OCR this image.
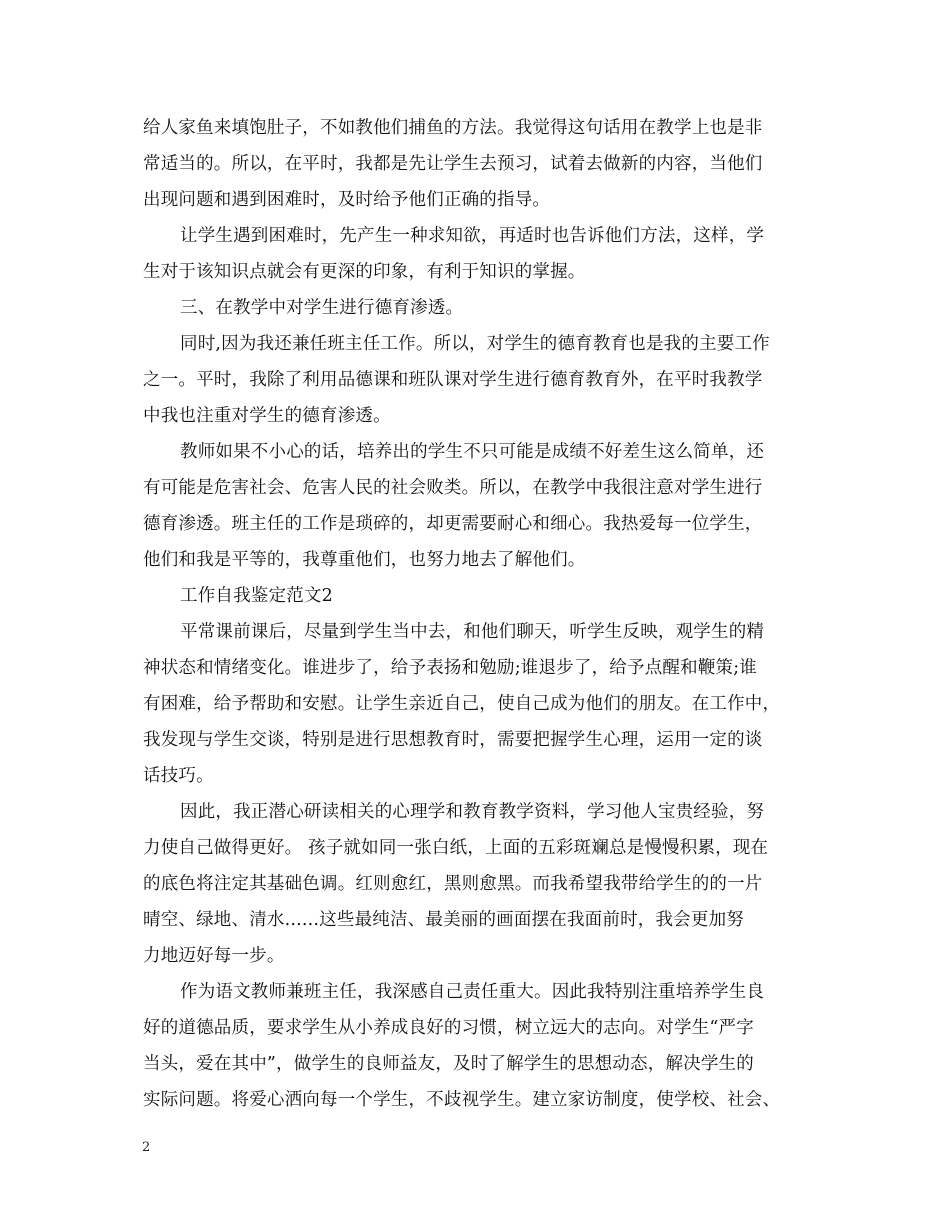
给人家鱼来填饱肚子，不如教他们捕鱼的方法。我觉得这句话用在教学上也是非
常适当的。所以，在平时，我都是先让学生去预习，试着去做新的内容，当他们
出现问题和遇到困难时，及时给予他们正确的指导。
让学生遇到困难时，先产生一种求知欲，再适时也告诉他们方法，这样，学
生对于该知识点就会有更深的印象，有利于知识的掌握。
三、在教学中对学生进行德育渗透。
同时,因为我还兼任班主任工作。所以，对学生的德育教育也是我的主要工作
之一。平时，我除了利用品德课和班队课对学生进行德育教育外，在平时我教学
中我也注重对学生的德育渗透。
教师如果不小心的话，培养出的学生不只可能是成绩不好差生这么简单，还
有可能是危害社会、危害人民的社会败类。所以，在教学中我很注意对学生进行
德育渗透。班主任的工作是琐碎的，却更需要耐心和细心。我热爱每一位学生，
他们和我是平等的，我尊重他们，也努力地去了解他们。
工作自我鉴定范文2
平常课前课后，尽量到学生当中去，和他们聊天，听学生反映，观学生的精
神状态和情绪变化。谁进步了，给予表扬和勉励;谁退步了，给予点醒和鞭策;谁
有困难，给予帮助和安慰。让学生亲近自己，使自己成为他们的朋友。在工作中，
我发现与学生交谈，特别是进行思想教育时，需要把握学生心理，运用一定的谈
话技巧。
因此，我正潜心研读相关的心理学和教育教学资料，学习他人宝贵经验，努
力使自己做得更好。 孩子就如同一张白纸，上面的五彩斑斓总是慢慢积累，现在
的底色将注定其基础色调。红则愈红，黑则愈黑。而我希望我带给学生的的一片
晴空、绿地、清水......这些最纯洁、最美丽的画面摆在我面前时，我会更加努
力地迈好每一步。
作为语文教师兼班主任，我深感自己责任重大。因此我特别注重培养学生良
好的道德品质，要求学生从小养成良好的习惯，树立远大的志向。对学生“严字
当头，爱在其中”，做学生的良师益友，及时了解学生的思想动态，解决学生的
实际问题。将爱心洒向每一个学生，不歧视学生。建立家访制度，使学校、社会、
2
